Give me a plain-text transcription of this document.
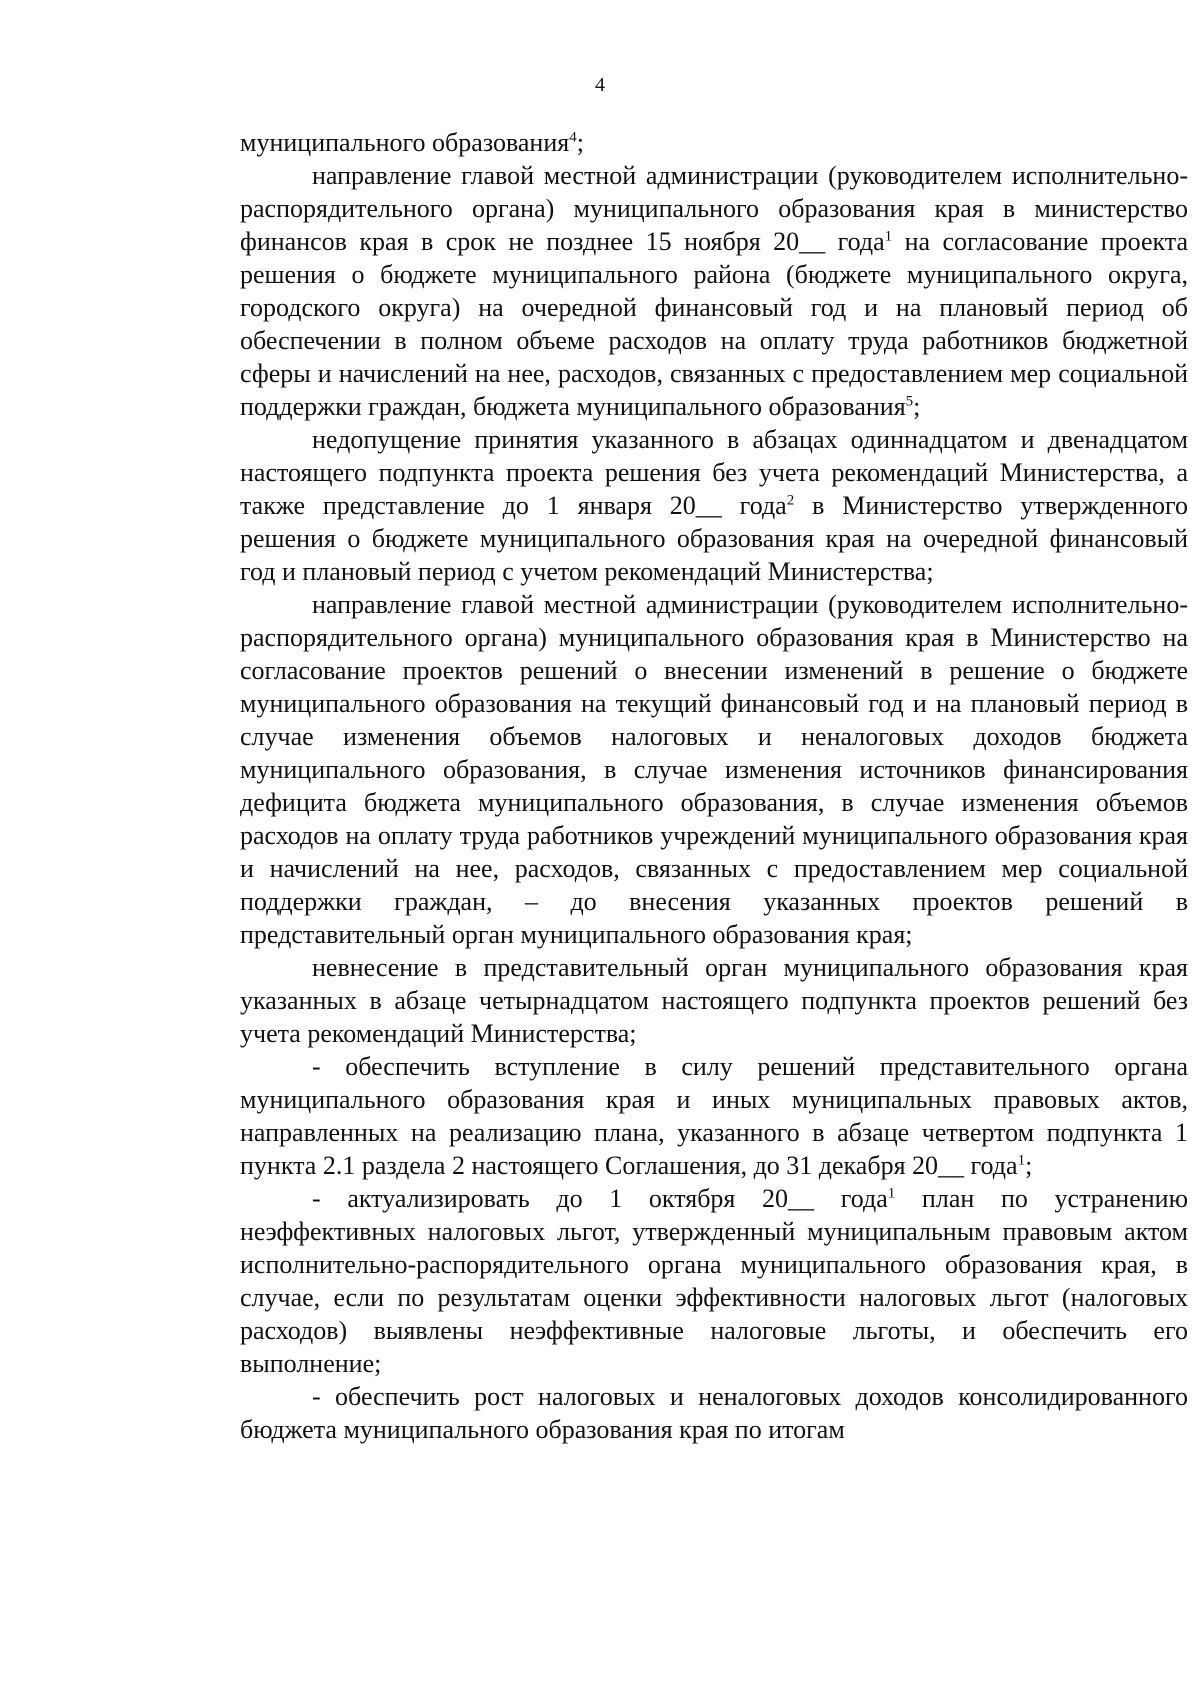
4

муниципального образования$^4$;

направление главой местной администрации (руководителем исполнительно-распорядительного органа) муниципального образования края в министерство финансов края в срок не позднее 15 ноября 20__ года$^1$ на согласование проекта решения о бюджете муниципального района (бюджете муниципального округа, городского округа) на очередной финансовый год и на плановый период об обеспечении в полном объеме расходов на оплату труда работников бюджетной сферы и начислений на нее, расходов, связанных с предоставлением мер социальной поддержки граждан, бюджета муниципального образования$^5$;

недопущение принятия указанного в абзацах одиннадцатом и двенадцатом настоящего подпункта проекта решения без учета рекомендаций Министерства, а также представление до 1 января 20__ года$^2$ в Министерство утвержденного решения о бюджете муниципального образования края на очередной финансовый год и плановый период с учетом рекомендаций Министерства;

направление главой местной администрации (руководителем исполнительно-распорядительного органа) муниципального образования края в Министерство на согласование проектов решений о внесении изменений в решение о бюджете муниципального образования на текущий финансовый год и на плановый период в случае изменения объемов налоговых и неналоговых доходов бюджета муниципального образования, в случае изменения источников финансирования дефицита бюджета муниципального образования, в случае изменения объемов расходов на оплату труда работников учреждений муниципального образования края и начислений на нее, расходов, связанных с предоставлением мер социальной поддержки граждан, – до внесения указанных проектов решений в представительный орган муниципального образования края;

невнесение в представительный орган муниципального образования края указанных в абзаце четырнадцатом настоящего подпункта проектов решений без учета рекомендаций Министерства;

- обеспечить вступление в силу решений представительного органа муниципального образования края и иных муниципальных правовых актов, направленных на реализацию плана, указанного в абзаце четвертом подпункта 1 пункта 2.1 раздела 2 настоящего Соглашения, до 31 декабря 20__ года$^1$;

- актуализировать до 1 октября 20__ года$^1$ план по устранению неэффективных налоговых льгот, утвержденный муниципальным правовым актом исполнительно-распорядительного органа муниципального образования края, в случае, если по результатам оценки эффективности налоговых льгот (налоговых расходов) выявлены неэффективные налоговые льготы, и обеспечить его выполнение;

- обеспечить рост налоговых и неналоговых доходов консолидированного бюджета муниципального образования края по итогам
